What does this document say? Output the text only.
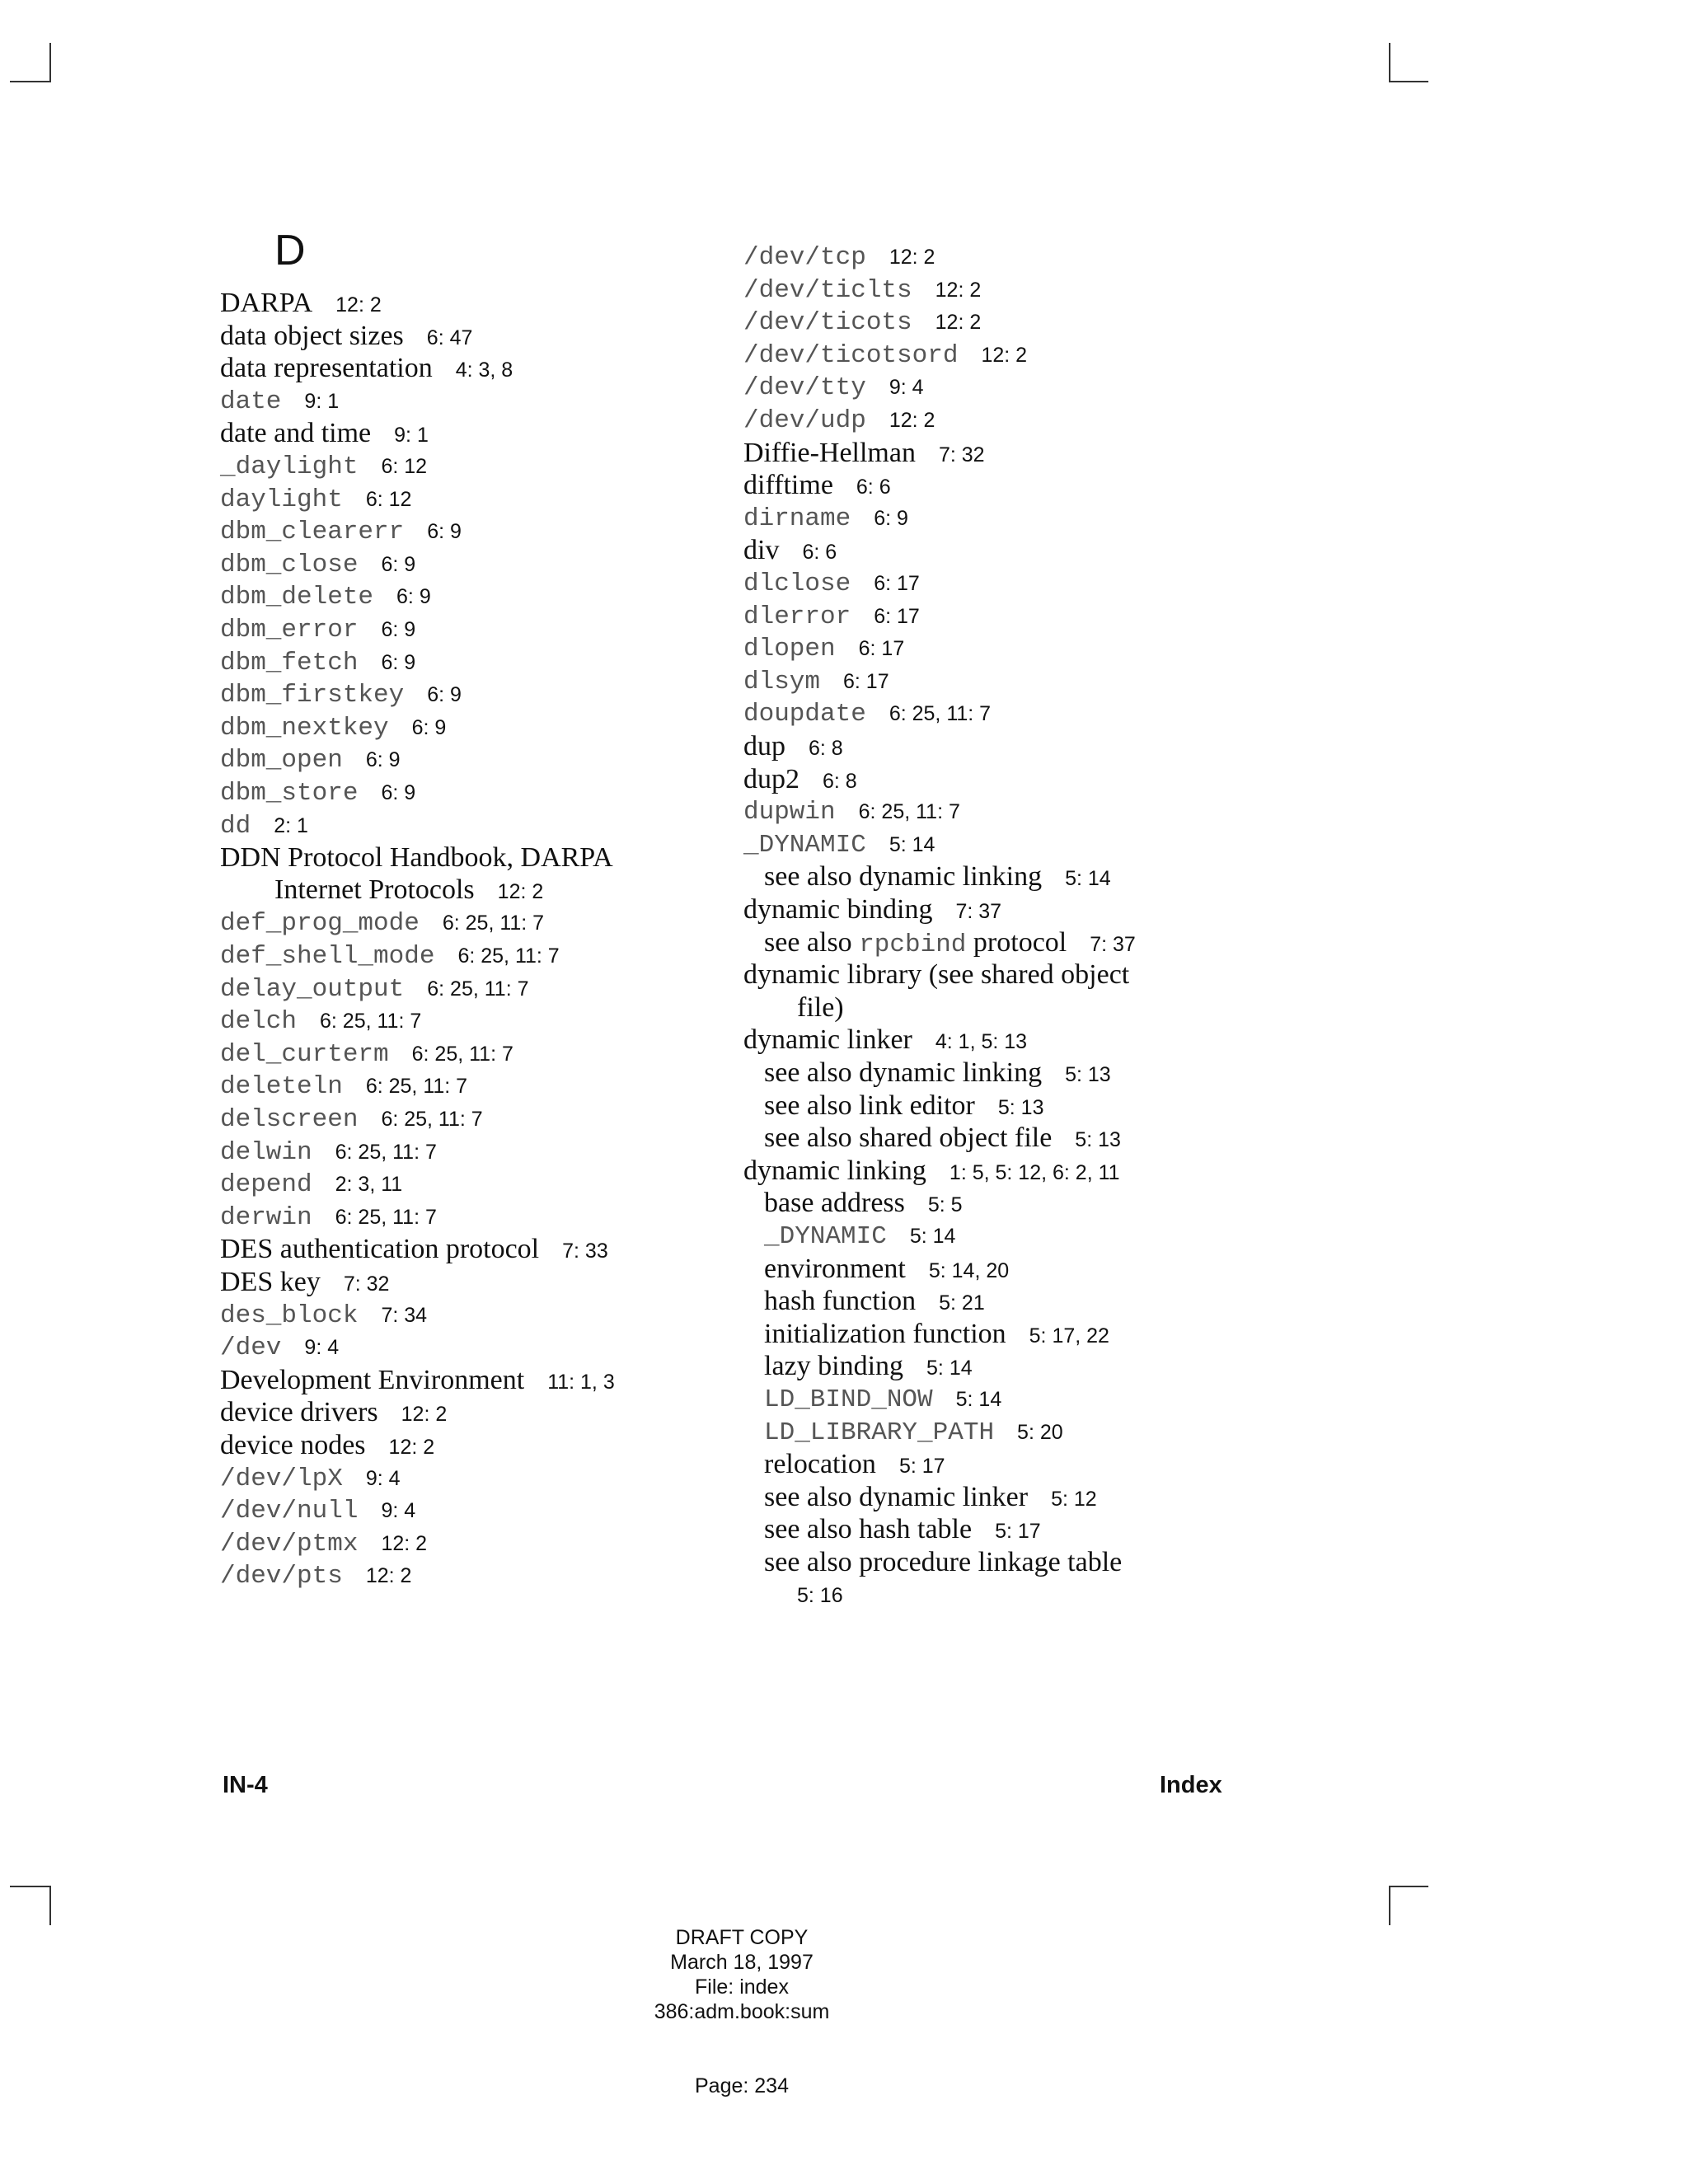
D
DARPA 12: 2
data object sizes 6: 47
data representation 4: 3, 8
date 9: 1
date and time 9: 1
_daylight 6: 12
daylight 6: 12
dbm_clearerr 6: 9
dbm_close 6: 9
dbm_delete 6: 9
dbm_error 6: 9
dbm_fetch 6: 9
dbm_firstkey 6: 9
dbm_nextkey 6: 9
dbm_open 6: 9
dbm_store 6: 9
dd 2: 1
DDN Protocol Handbook, DARPA
def_prog_mode 6: 25, 11: 7
def_shell_mode 6: 25, 11: 7
delay_output 6: 25, 11: 7
delch 6: 25, 11: 7
del_curterm 6: 25, 11: 7
deleteln 6: 25, 11: 7
delscreen 6: 25, 11: 7
delwin 6: 25, 11: 7
depend 2: 3, 11
derwin 6: 25, 11: 7
DES authentication protocol 7: 33
DES key 7: 32
des_block 7: 34
/dev 9: 4
Development Environment 11: 1, 3
device drivers 12: 2
device nodes 12: 2
/dev/lpX 9: 4
/dev/null 9: 4
/dev/ptmx 12: 2
/dev/pts 12: 2
Internet Protocols 12: 2
/dev/tcp 12: 2
/dev/ticlts 12: 2
/dev/ticots 12: 2
/dev/ticotsord 12: 2
/dev/tty 9: 4
/dev/udp 12: 2
Diffie-Hellman 7: 32
difftime 6: 6
dirname 6: 9
div 6: 6
dlclose 6: 17
dlerror 6: 17
dlopen 6: 17
dlsym 6: 17
doupdate 6: 25, 11: 7
dup 6: 8
dup2 6: 8
dupwin 6: 25, 11: 7
_DYNAMIC 5: 14
see also dynamic linking 5: 14
dynamic binding 7: 37
see also rpcbind protocol 7: 37
dynamic library (see shared object
file)
dynamic linker 4: 1, 5: 13
see also dynamic linking 5: 13
see also link editor 5: 13
see also shared object file 5: 13
dynamic linking 1: 5, 5: 12, 6: 2, 11
base address 5: 5
_DYNAMIC 5: 14
environment 5: 14, 20
hash function 5: 21
initialization function 5: 17, 22
lazy binding 5: 14
LD_BIND_NOW 5: 14
LD_LIBRARY_PATH 5: 20
relocation 5: 17
see also dynamic linker 5: 12
see also hash table 5: 17
see also procedure linkage table
5: 16
IN-4	Index
DRAFT COPY
March 18, 1997
File: index
386:adm.book:sum
Page: 234
